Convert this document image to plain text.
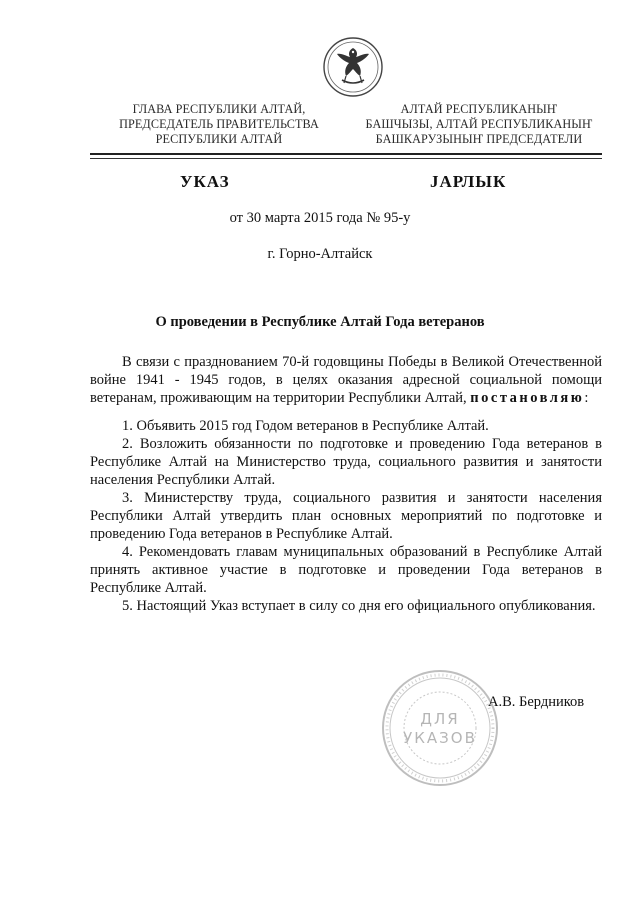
ГЛАВА РЕСПУБЛИКИ АЛТАЙ,
ПРЕДСЕДАТЕЛЬ ПРАВИТЕЛЬСТВА
РЕСПУБЛИКИ АЛТАЙ
АЛТАЙ РЕСПУБЛИКАНЫҤ
БАШЧЫЗЫ, АЛТАЙ РЕСПУБЛИКАНЫҤ
БАШКАРУЗЫНЫҤ ПРЕДСЕДАТЕЛИ
УКАЗ	JАРЛЫК
от 30 марта 2015 года № 95-у
г. Горно-Алтайск
О проведении в Республике Алтай Года ветеранов

В связи с празднованием 70-й годовщины Победы в Великой Отечественной войне 1941 - 1945 годов, в целях оказания адресной социальной помощи ветеранам, проживающим на территории Республики Алтай, постановляю:

1. Объявить 2015 год Годом ветеранов в Республике Алтай.

2. Возложить обязанности по подготовке и проведению Года ветеранов в Республике Алтай на Министерство труда, социального развития и занятости населения Республики Алтай.

3. Министерству труда, социального развития и занятости населения Республики Алтай утвердить план основных мероприятий по подготовке и проведению Года ветеранов в Республике Алтай.

4. Рекомендовать главам муниципальных образований в Республике Алтай принять активное участие в подготовке и проведении Года ветеранов в Республике Алтай.

5. Настоящий Указ вступает в силу со дня его официального опубликования.

ДЛЯ
УКАЗОВ
А.В. Бердников
